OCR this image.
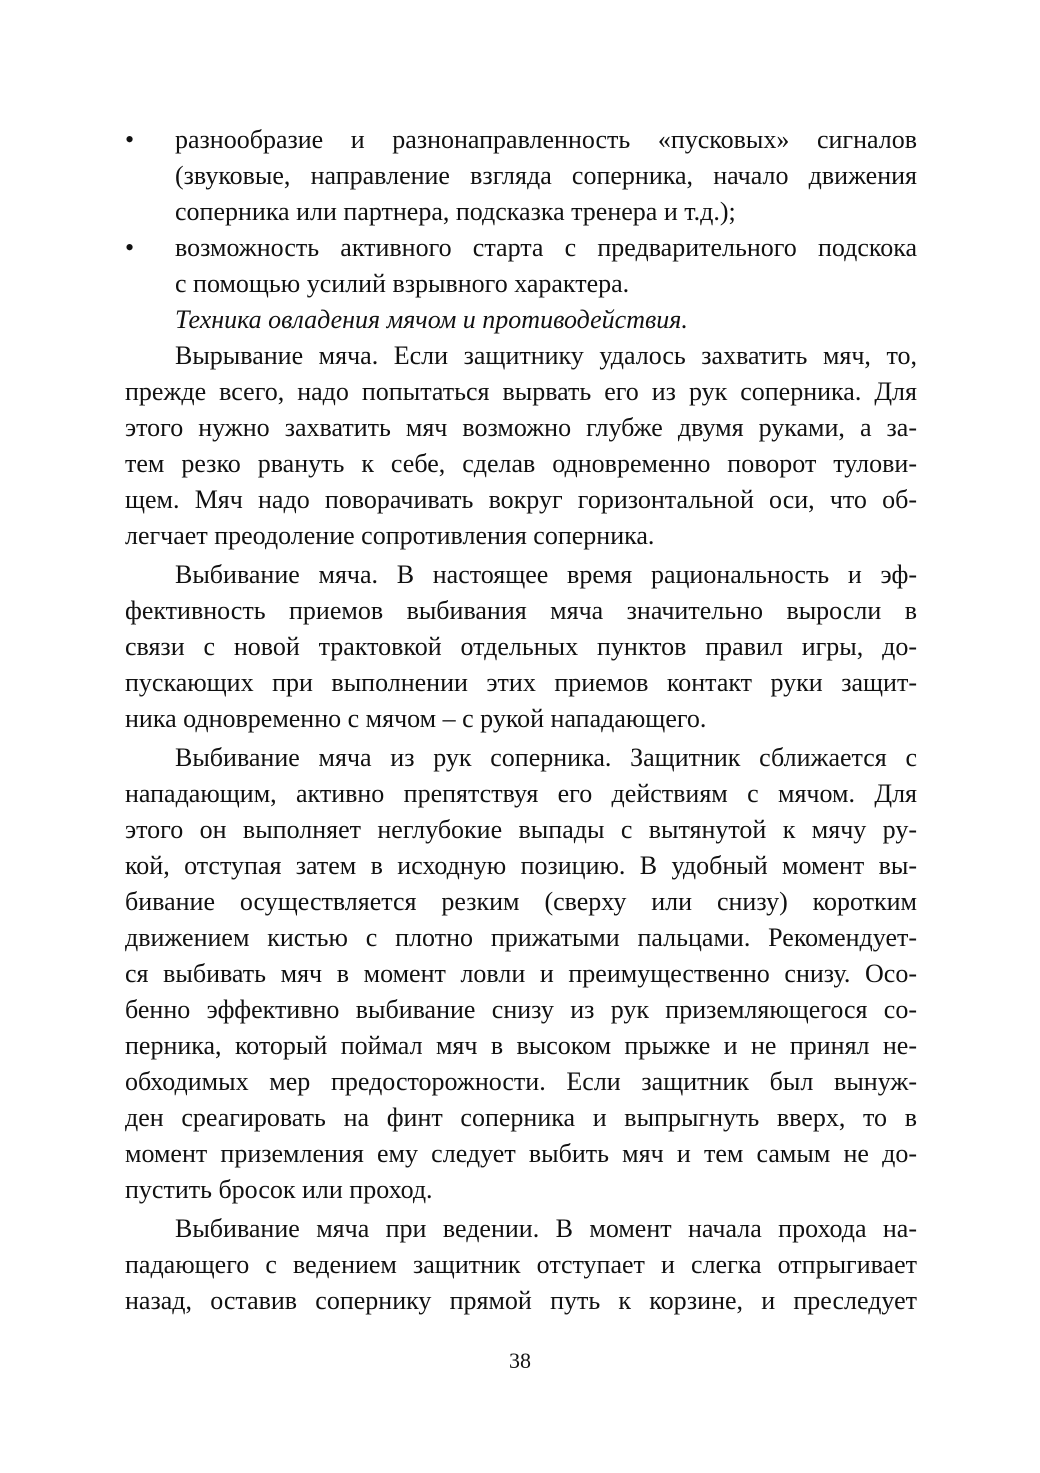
• разнообразие и разнонаправленность «пусковых» сигналов
(звуковые, направление взгляда соперника, начало движения
соперника или партнера, подсказка тренера и т.д.);
• возможность активного старта с предварительного подскока
с помощью усилий взрывного характера.
Техника овладения мячом и противодействия.
Вырывание мяча. Если защитнику удалось захватить мяч, то,
прежде всего, надо попытаться вырвать его из рук соперника. Для
этого нужно захватить мяч возможно глубже двумя руками, а за-
тем резко рвануть к себе, сделав одновременно поворот тулови-
щем. Мяч надо поворачивать вокруг горизонтальной оси, что об-
легчает преодоление сопротивления соперника.
Выбивание мяча. В настоящее время рациональность и эф-
фективность приемов выбивания мяча значительно выросли в
связи с новой трактовкой отдельных пунктов правил игры, до-
пускающих при выполнении этих приемов контакт руки защит-
ника одновременно с мячом – с рукой нападающего.
Выбивание мяча из рук соперника. Защитник сближается с
нападающим, активно препятствуя его действиям с мячом. Для
этого он выполняет неглубокие выпады с вытянутой к мячу ру-
кой, отступая затем в исходную позицию. В удобный момент вы-
бивание осуществляется резким (сверху или снизу) коротким
движением кистью с плотно прижатыми пальцами. Рекомендует-
ся выбивать мяч в момент ловли и преимущественно снизу. Осо-
бенно эффективно выбивание снизу из рук приземляющегося со-
перника, который поймал мяч в высоком прыжке и не принял не-
обходимых мер предосторожности. Если защитник был вынуж-
ден среагировать на финт соперника и выпрыгнуть вверх, то в
момент приземления ему следует выбить мяч и тем самым не до-
пустить бросок или проход.
Выбивание мяча при ведении. В момент начала прохода на-
падающего с ведением защитник отступает и слегка отпрыгивает
назад, оставив сопернику прямой путь к корзине, и преследует
38
